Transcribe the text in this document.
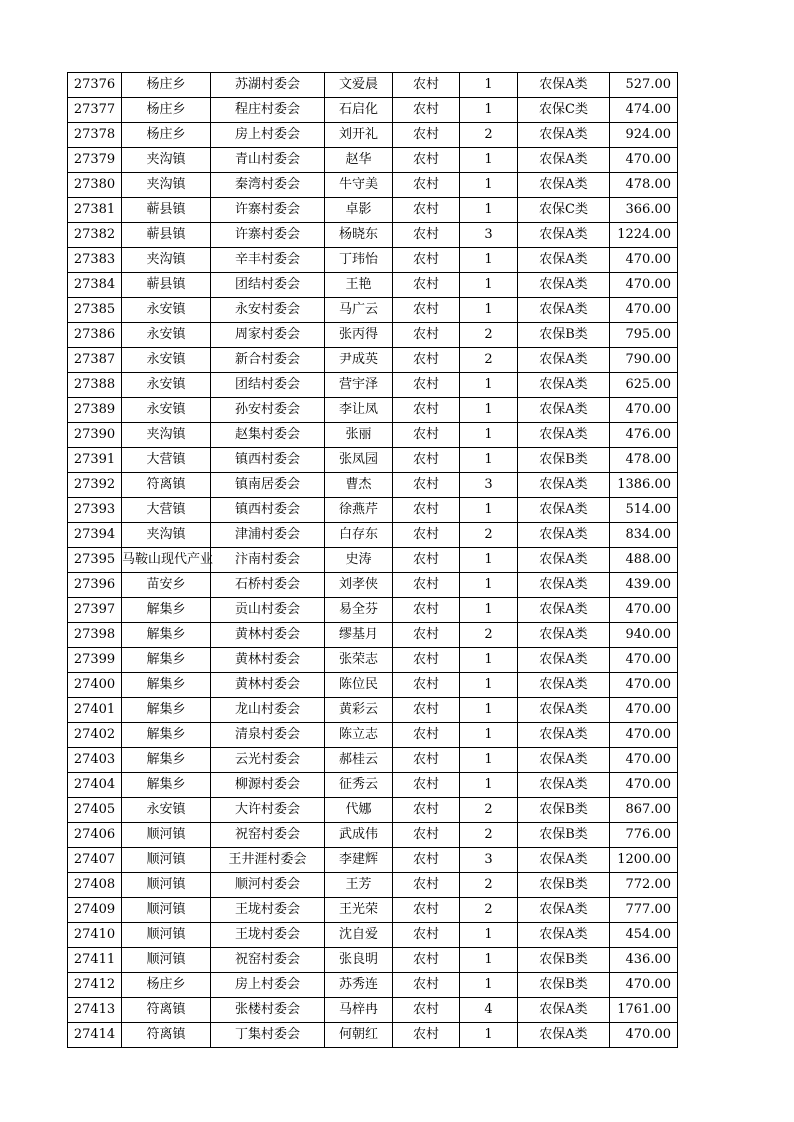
27376	杨庄乡	苏湖村委会	文爱晨	农村	1	农保A类	527.00
27377	杨庄乡	程庄村委会	石启化	农村	1	农保C类	474.00
27378	杨庄乡	房上村委会	刘开礼	农村	2	农保A类	924.00
27379	夹沟镇	青山村委会	赵华	农村	1	农保A类	470.00
27380	夹沟镇	秦湾村委会	牛守美	农村	1	农保A类	478.00
27381	蕲县镇	许寨村委会	卓影	农村	1	农保C类	366.00
27382	蕲县镇	许寨村委会	杨晓东	农村	3	农保A类	1224.00
27383	夹沟镇	辛丰村委会	丁玮怡	农村	1	农保A类	470.00
27384	蕲县镇	团结村委会	王艳	农村	1	农保A类	470.00
27385	永安镇	永安村委会	马广云	农村	1	农保A类	470.00
27386	永安镇	周家村委会	张丙得	农村	2	农保B类	795.00
27387	永安镇	新合村委会	尹成英	农村	2	农保A类	790.00
27388	永安镇	团结村委会	营宇泽	农村	1	农保A类	625.00
27389	永安镇	孙安村委会	李让凤	农村	1	农保A类	470.00
27390	夹沟镇	赵集村委会	张丽	农村	1	农保A类	476.00
27391	大营镇	镇西村委会	张凤园	农村	1	农保B类	478.00
27392	符离镇	镇南居委会	曹杰	农村	3	农保A类	1386.00
27393	大营镇	镇西村委会	徐燕芹	农村	1	农保A类	514.00
27394	夹沟镇	津浦村委会	白存东	农村	2	农保A类	834.00
27395	马鞍山现代产业	汴南村委会	史涛	农村	1	农保A类	488.00
27396	苗安乡	石桥村委会	刘孝侠	农村	1	农保A类	439.00
27397	解集乡	贡山村委会	易全芬	农村	1	农保A类	470.00
27398	解集乡	黄林村委会	缪基月	农村	2	农保A类	940.00
27399	解集乡	黄林村委会	张荣志	农村	1	农保A类	470.00
27400	解集乡	黄林村委会	陈位民	农村	1	农保A类	470.00
27401	解集乡	龙山村委会	黄彩云	农村	1	农保A类	470.00
27402	解集乡	清泉村委会	陈立志	农村	1	农保A类	470.00
27403	解集乡	云光村委会	郝桂云	农村	1	农保A类	470.00
27404	解集乡	柳源村委会	征秀云	农村	1	农保A类	470.00
27405	永安镇	大许村委会	代娜	农村	2	农保B类	867.00
27406	顺河镇	祝窑村委会	武成伟	农村	2	农保B类	776.00
27407	顺河镇	王井涯村委会	李建辉	农村	3	农保A类	1200.00
27408	顺河镇	顺河村委会	王芳	农村	2	农保B类	772.00
27409	顺河镇	王垅村委会	王光荣	农村	2	农保A类	777.00
27410	顺河镇	王垅村委会	沈自爱	农村	1	农保A类	454.00
27411	顺河镇	祝窑村委会	张良明	农村	1	农保B类	436.00
27412	杨庄乡	房上村委会	苏秀连	农村	1	农保B类	470.00
27413	符离镇	张楼村委会	马梓冉	农村	4	农保A类	1761.00
27414	符离镇	丁集村委会	何朝红	农村	1	农保A类	470.00
